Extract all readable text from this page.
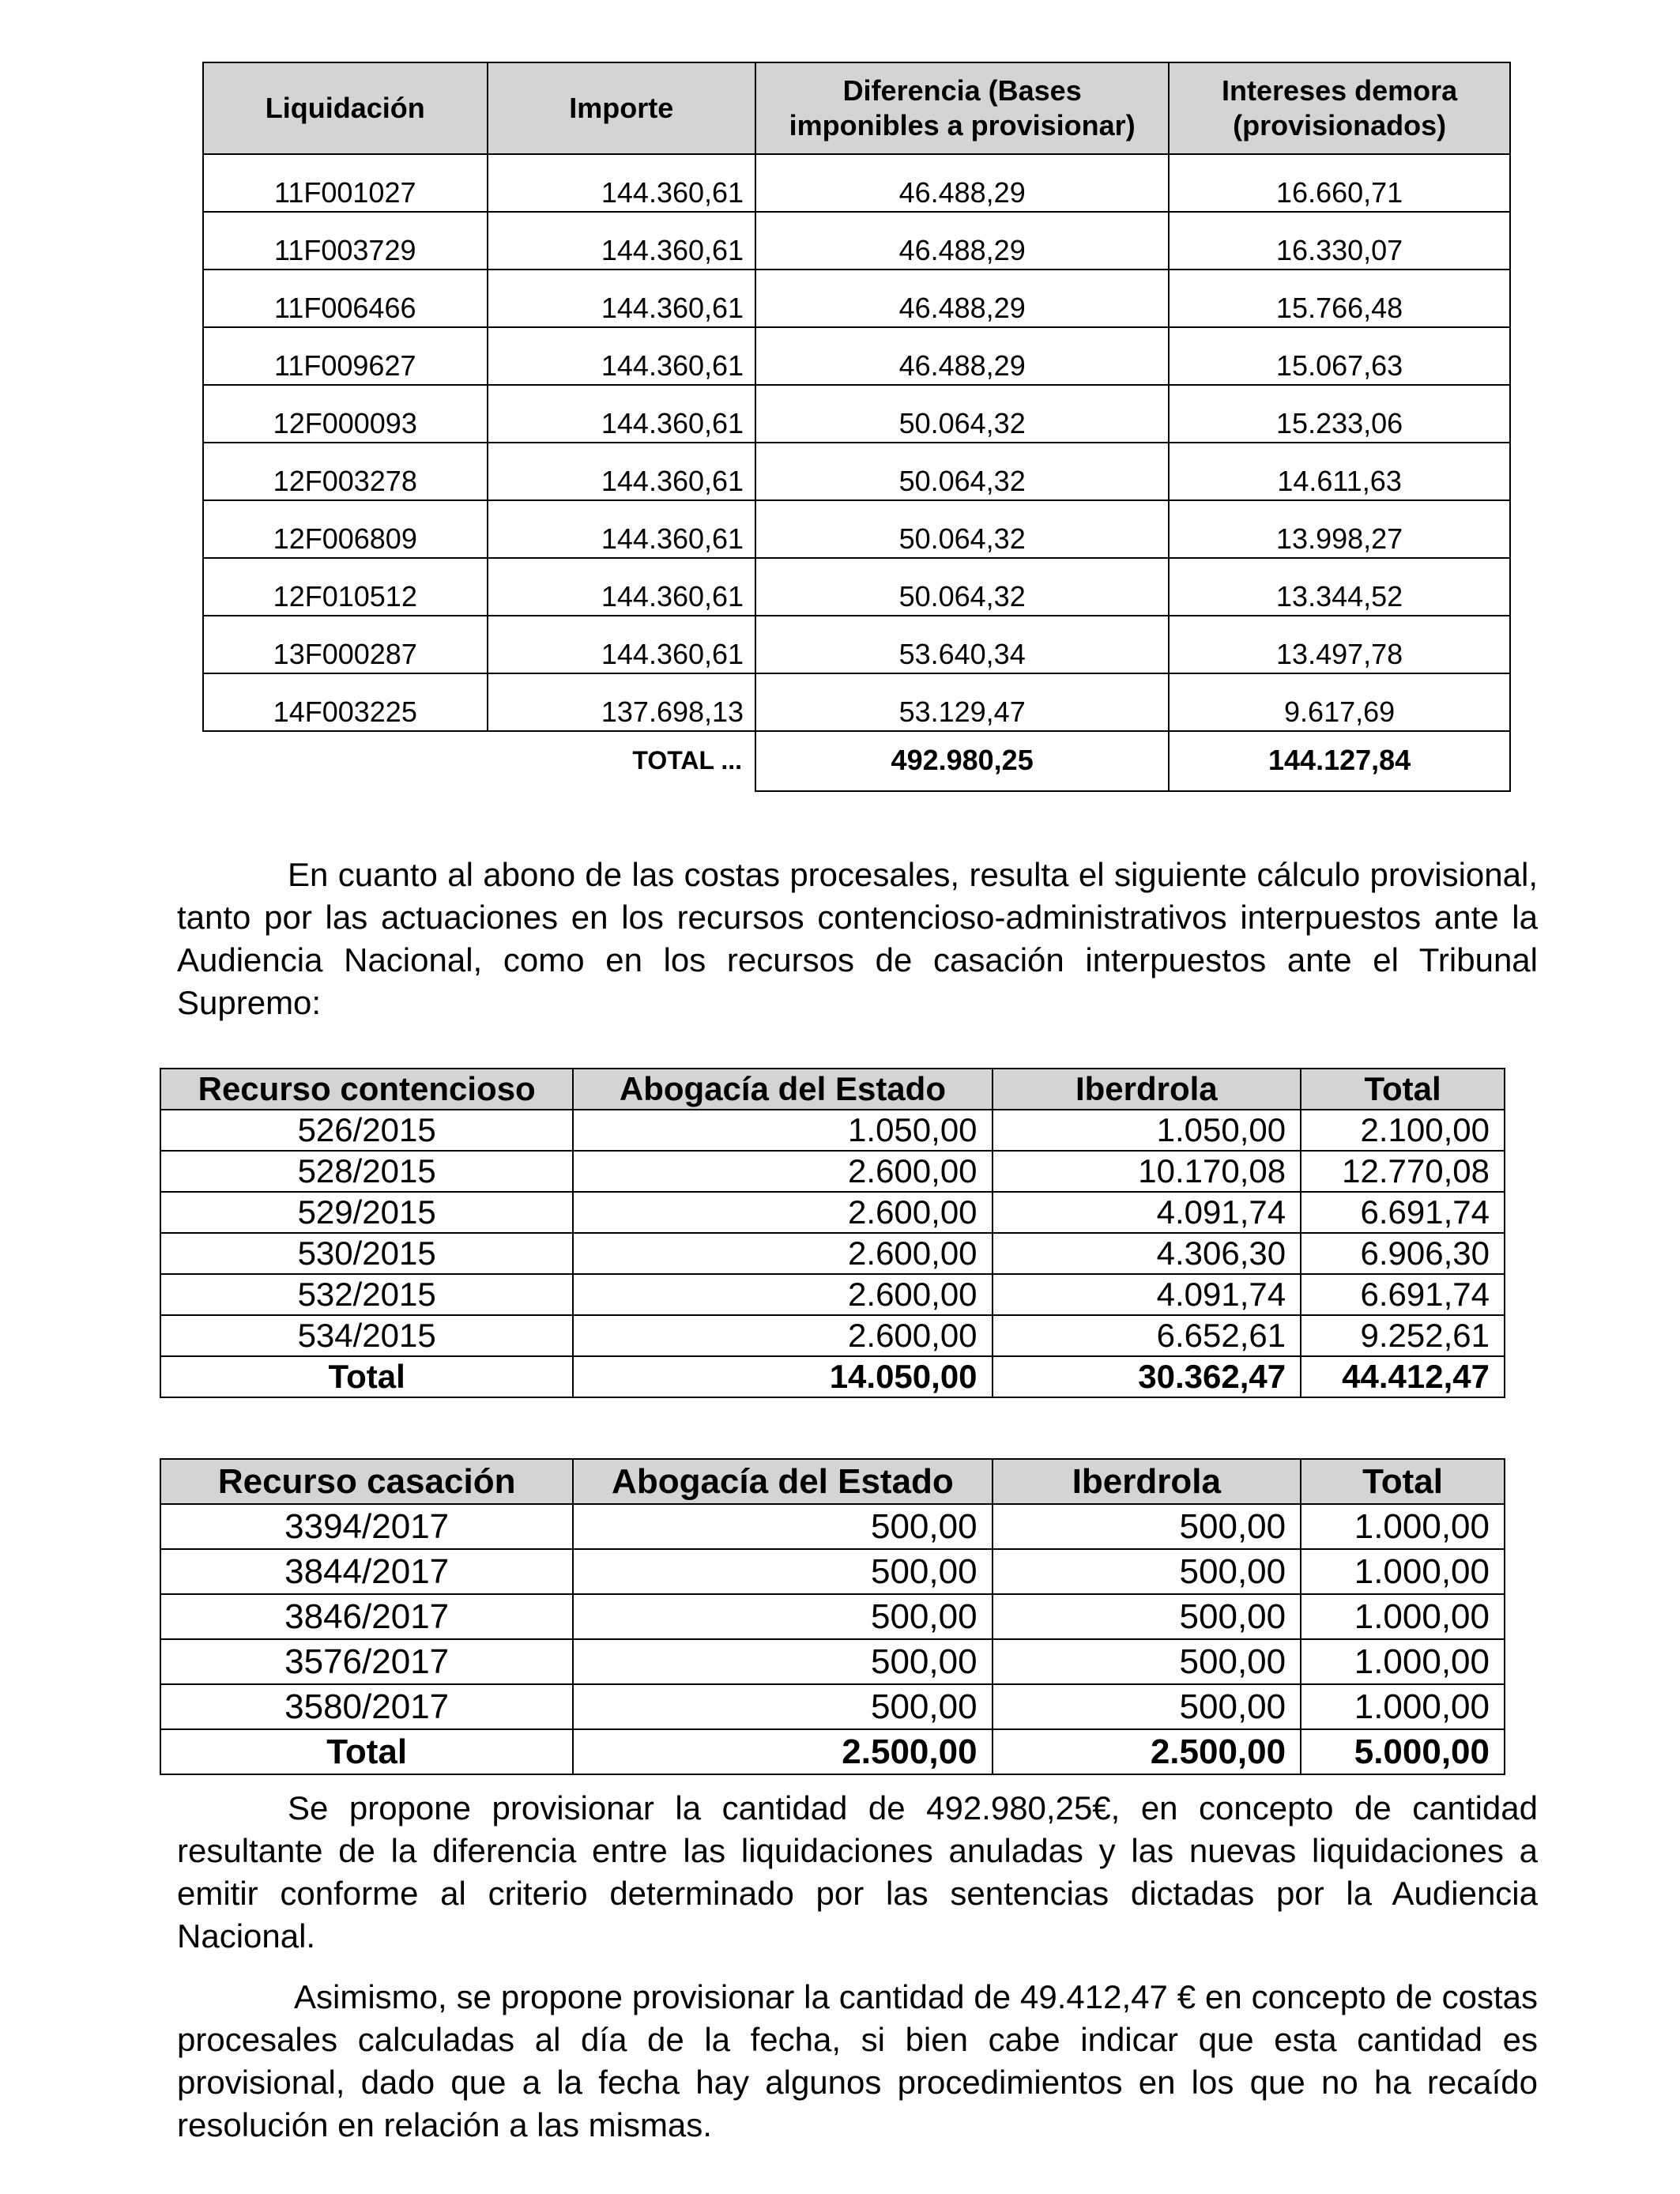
Liquidación	Importe	Diferencia (Bases imponibles a provisionar)	Intereses demora (provisionados)
11F001027	144.360,61	46.488,29	16.660,71
11F003729	144.360,61	46.488,29	16.330,07
11F006466	144.360,61	46.488,29	15.766,48
11F009627	144.360,61	46.488,29	15.067,63
12F000093	144.360,61	50.064,32	15.233,06
12F003278	144.360,61	50.064,32	14.611,63
12F006809	144.360,61	50.064,32	13.998,27
12F010512	144.360,61	50.064,32	13.344,52
13F000287	144.360,61	53.640,34	13.497,78
14F003225	137.698,13	53.129,47	9.617,69
	TOTAL ...	492.980,25	144.127,84

En cuanto al abono de las costas procesales, resulta el siguiente cálculo provisional, tanto por las actuaciones en los recursos contencioso-administrativos interpuestos ante la Audiencia Nacional, como en los recursos de casación interpuestos ante el Tribunal Supremo:

Recurso contencioso	Abogacía del Estado	Iberdrola	Total
526/2015	1.050,00	1.050,00	2.100,00
528/2015	2.600,00	10.170,08	12.770,08
529/2015	2.600,00	4.091,74	6.691,74
530/2015	2.600,00	4.306,30	6.906,30
532/2015	2.600,00	4.091,74	6.691,74
534/2015	2.600,00	6.652,61	9.252,61
Total	14.050,00	30.362,47	44.412,47
Recurso casación	Abogacía del Estado	Iberdrola	Total
3394/2017	500,00	500,00	1.000,00
3844/2017	500,00	500,00	1.000,00
3846/2017	500,00	500,00	1.000,00
3576/2017	500,00	500,00	1.000,00
3580/2017	500,00	500,00	1.000,00
Total	2.500,00	2.500,00	5.000,00

Se propone provisionar la cantidad de 492.980,25€, en concepto de cantidad resultante de la diferencia entre las liquidaciones anuladas y las nuevas liquidaciones a emitir conforme al criterio determinado por las sentencias dictadas por la Audiencia Nacional.

Asimismo, se propone provisionar la cantidad de 49.412,47 € en concepto de costas procesales calculadas al día de la fecha, si bien cabe indicar que esta cantidad es provisional, dado que a la fecha hay algunos procedimientos en los que no ha recaído resolución en relación a las mismas.
